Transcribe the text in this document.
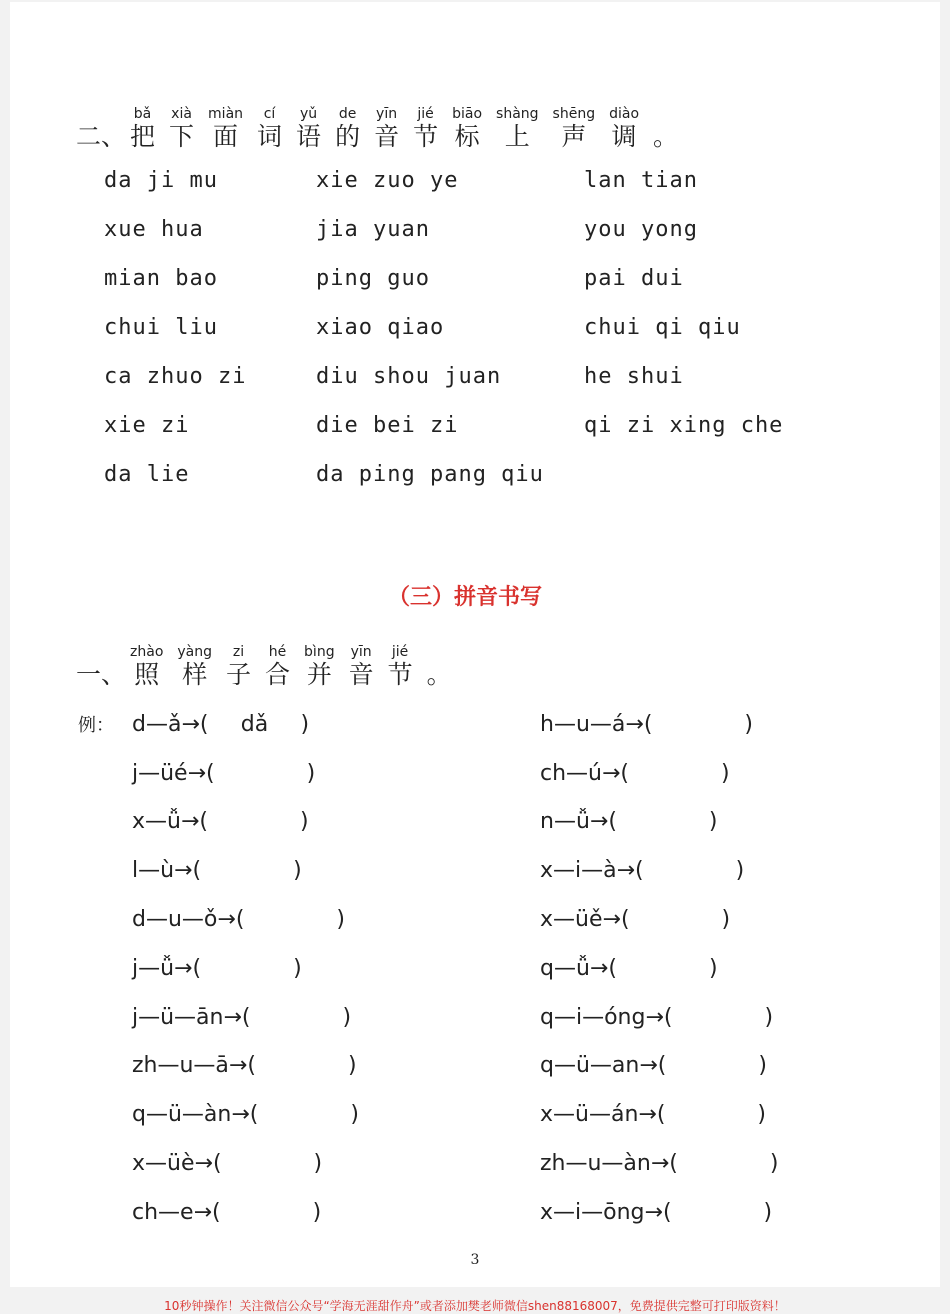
二、
bǎ
把
xià
下
miàn
面
cí
词
yǔ
语
de
的
yīn
音
jié
节
biāo
标
shàng
上
shēng
声
diào
调 。
da ji mu	xie zuo ye	lan tian
xue hua	jia yuan	you yong
mian bao	ping guo	pai dui
chui liu	xiao qiao	chui qi qiu
ca zhuo zi	diu shou juan	he shui
xie zi	die bei zi	qi zi xing che
da lie	da ping pang qiu
（三）拼音书写
一、
zhào
照
yàng
样
zi
子
hé
合
bìng
并
yīn
音
jié
节 。
例： d—ǎ→ (	dǎ	)	h—u—á→ (	)
j—üé→ (	)	ch—ú→ (	)
x—ǚ→ (	)	n—ǚ→ (	)
l—ù→ (	)	x—i—à→ (	)
d—u—ǒ→ (	)	x—üě→ (	)
j—ǚ→ (	)	q—ǚ→ (	)
j—ü—ān→ (	)	q—i—óng→ (	)
zh—u—ā→ (	)	q—ü—an→ (	)
q—ü—àn→ (	)	x—ü—án→ (	)
x—üè→ (	)	zh—u—àn→ (	)
ch—e→ (	)	x—i—ōng→ (	)
3
10秒钟操作！关注微信公众号“学海无涯甜作舟”或者添加樊老师微信shen88168007，免费提供完整可打印版资料！
